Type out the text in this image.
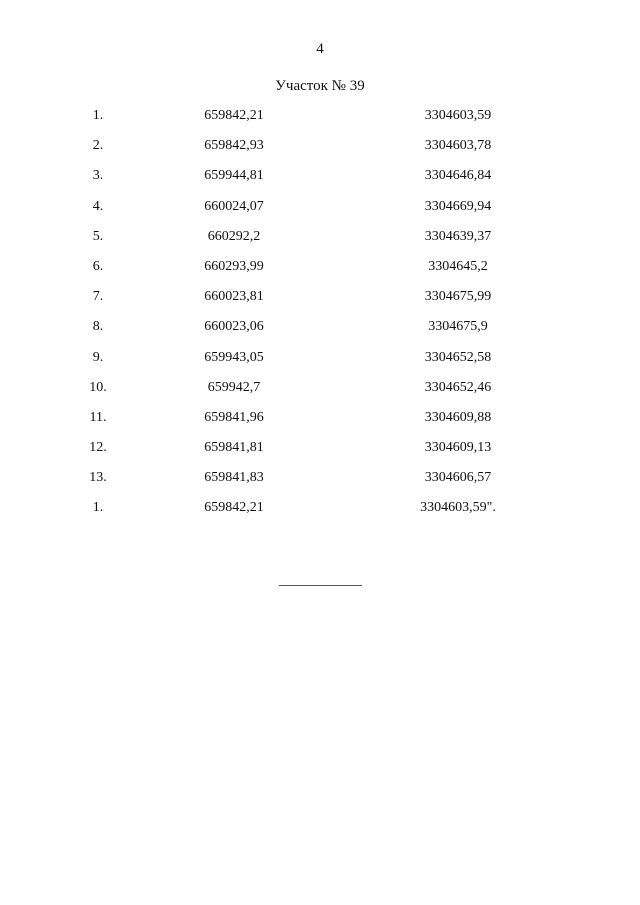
4
Участок № 39
1.	659842,21	3304603,59
2.	659842,93	3304603,78
3.	659944,81	3304646,84
4.	660024,07	3304669,94
5.	660292,2	3304639,37
6.	660293,99	3304645,2
7.	660023,81	3304675,99
8.	660023,06	3304675,9
9.	659943,05	3304652,58
10.	659942,7	3304652,46
11.	659841,96	3304609,88
12.	659841,81	3304609,13
13.	659841,83	3304606,57
1.	659842,21	3304603,59".
